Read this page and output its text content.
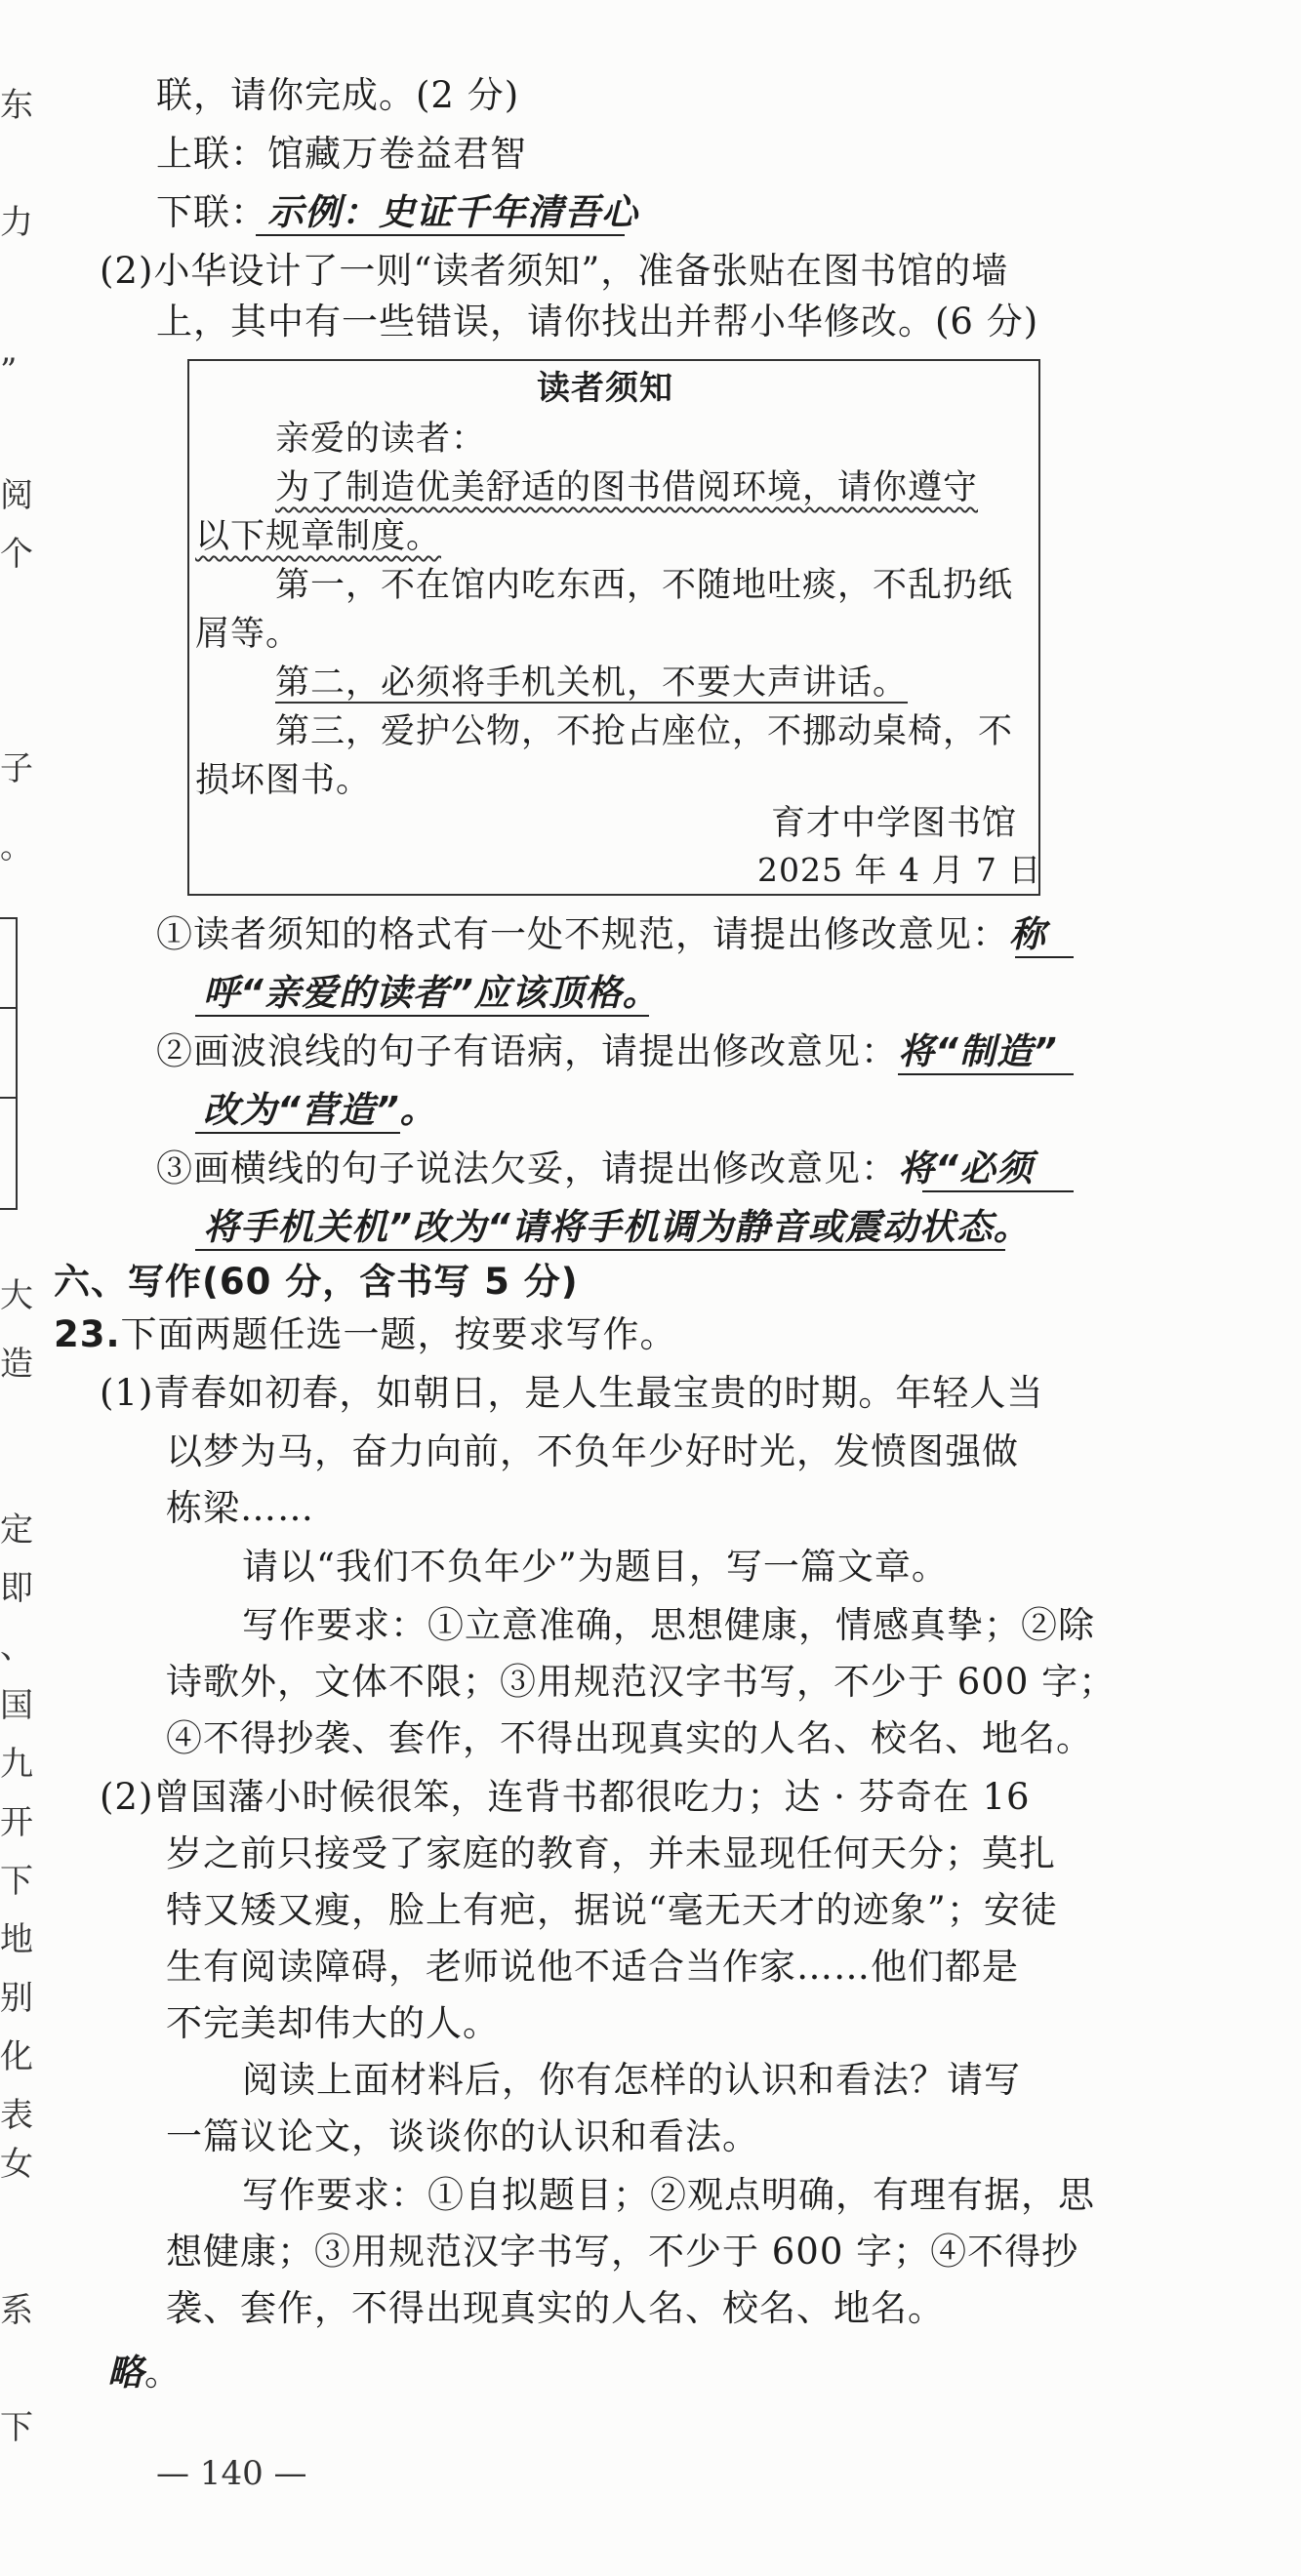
东
力
”
阅
个
子
。
大
造
定
即
、
国
九
开
下
地
别
化
表
女
系
下
联，请你完成。(2 分)
上联：馆藏万卷益君智
下联：示例：史证千年清吾心
(2)小华设计了一则“读者须知”，准备张贴在图书馆的墙
上，其中有一些错误，请你找出并帮小华修改。(6 分)
读者须知
亲爱的读者：
为了制造优美舒适的图书借阅环境，请你遵守
以下规章制度。
第一，不在馆内吃东西，不随地吐痰，不乱扔纸
屑等。
第二，必须将手机关机，不要大声讲话。
第三，爱护公物，不抢占座位，不挪动桌椅，不
损坏图书。
育才中学图书馆
2025 年 4 月 7 日
①读者须知的格式有一处不规范，请提出修改意见：称
呼“亲爱的读者”应该顶格。
②画波浪线的句子有语病，请提出修改意见：将“制造”
改为“营造”。
③画横线的句子说法欠妥，请提出修改意见：将“必须
将手机关机”改为“请将手机调为静音或震动状态。
六、写作(60 分，含书写 5 分)
23.下面两题任选一题，按要求写作。
(1)青春如初春，如朝日，是人生最宝贵的时期。年轻人当
以梦为马，奋力向前，不负年少好时光，发愤图强做
栋梁……
请以“我们不负年少”为题目，写一篇文章。
写作要求：①立意准确，思想健康，情感真挚；②除
诗歌外，文体不限；③用规范汉字书写，不少于 600 字；
④不得抄袭、套作，不得出现真实的人名、校名、地名。
(2)曾国藩小时候很笨，连背书都很吃力；达 · 芬奇在 16
岁之前只接受了家庭的教育，并未显现任何天分；莫扎
特又矮又瘦，脸上有疤，据说“毫无天才的迹象”；安徒
生有阅读障碍，老师说他不适合当作家……他们都是
不完美却伟大的人。
阅读上面材料后，你有怎样的认识和看法？请写
一篇议论文，谈谈你的认识和看法。
写作要求：①自拟题目；②观点明确，有理有据，思
想健康；③用规范汉字书写，不少于 600 字；④不得抄
袭、套作，不得出现真实的人名、校名、地名。
略。
— 140 —
